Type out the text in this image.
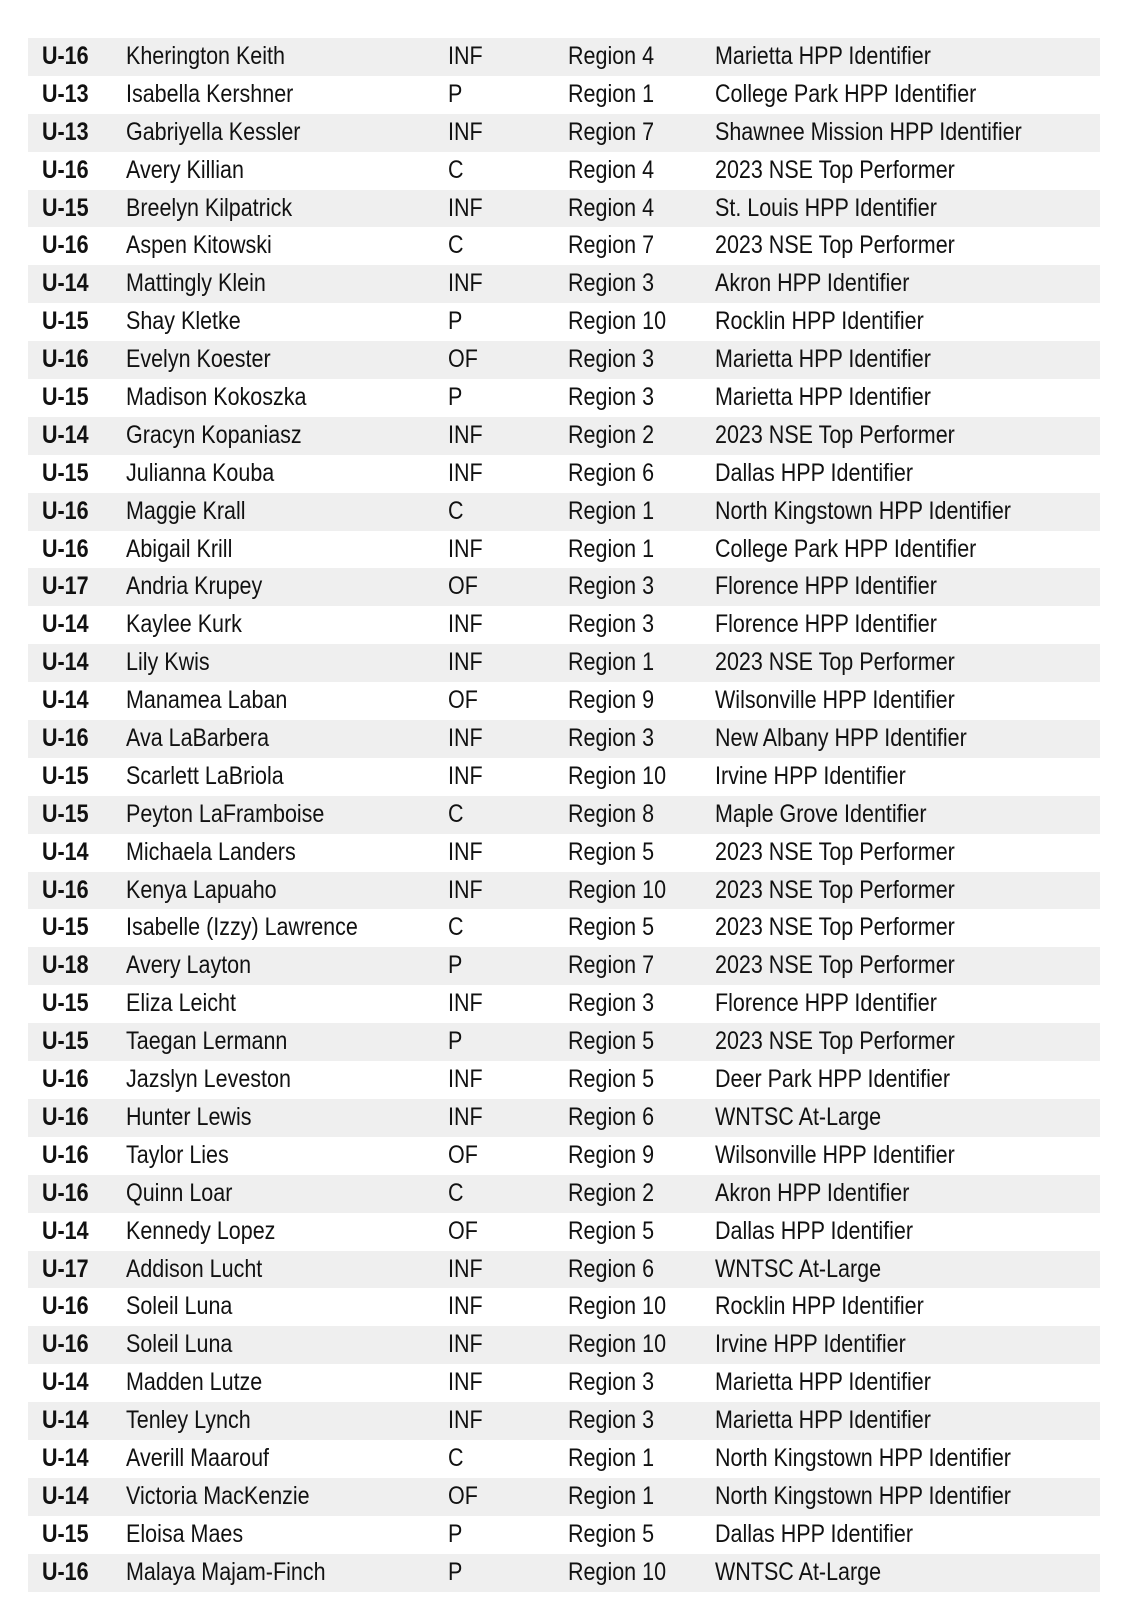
U-16 Kherington Keith	INF	Region 4 Marietta HPP Identifier
U-13 Isabella Kershner	P	Region 1 College Park HPP Identifier
U-13 Gabriyella Kessler	INF	Region 7 Shawnee Mission HPP Identifier
U-16 Avery Killian	C	Region 4 2023 NSE Top Performer
U-15 Breelyn Kilpatrick	INF	Region 4 St. Louis HPP Identifier
U-16 Aspen Kitowski	C	Region 7 2023 NSE Top Performer
U-14 Mattingly Klein	INF	Region 3 Akron HPP Identifier
U-15 Shay Kletke	P	Region 10 Rocklin HPP Identifier
U-16 Evelyn Koester	OF	Region 3 Marietta HPP Identifier
U-15 Madison Kokoszka	P	Region 3 Marietta HPP Identifier
U-14 Gracyn Kopaniasz	INF	Region 2 2023 NSE Top Performer
U-15 Julianna Kouba	INF	Region 6 Dallas HPP Identifier
U-16 Maggie Krall	C	Region 1 North Kingstown HPP Identifier
U-16 Abigail Krill	INF	Region 1 College Park HPP Identifier
U-17 Andria Krupey	OF	Region 3 Florence HPP Identifier
U-14 Kaylee Kurk	INF	Region 3 Florence HPP Identifier
U-14 Lily Kwis	INF	Region 1 2023 NSE Top Performer
U-14 Manamea Laban	OF	Region 9 Wilsonville HPP Identifier
U-16 Ava LaBarbera	INF	Region 3 New Albany HPP Identifier
U-15 Scarlett LaBriola	INF	Region 10 Irvine HPP Identifier
U-15 Peyton LaFramboise	C	Region 8 Maple Grove Identifier
U-14 Michaela Landers	INF	Region 5 2023 NSE Top Performer
U-16 Kenya Lapuaho	INF	Region 10 2023 NSE Top Performer
U-15 Isabelle (Izzy) Lawrence	C	Region 5 2023 NSE Top Performer
U-18 Avery Layton	P	Region 7 2023 NSE Top Performer
U-15 Eliza Leicht	INF	Region 3 Florence HPP Identifier
U-15 Taegan Lermann	P	Region 5 2023 NSE Top Performer
U-16 Jazslyn Leveston	INF	Region 5 Deer Park HPP Identifier
U-16 Hunter Lewis	INF	Region 6 WNTSC At-Large
U-16 Taylor Lies	OF	Region 9 Wilsonville HPP Identifier
U-16 Quinn Loar	C	Region 2 Akron HPP Identifier
U-14 Kennedy Lopez	OF	Region 5 Dallas HPP Identifier
U-17 Addison Lucht	INF	Region 6 WNTSC At-Large
U-16 Soleil Luna	INF	Region 10 Rocklin HPP Identifier
U-16 Soleil Luna	INF	Region 10 Irvine HPP Identifier
U-14 Madden Lutze	INF	Region 3 Marietta HPP Identifier
U-14 Tenley Lynch	INF	Region 3 Marietta HPP Identifier
U-14 Averill Maarouf	C	Region 1 North Kingstown HPP Identifier
U-14 Victoria MacKenzie	OF	Region 1 North Kingstown HPP Identifier
U-15 Eloisa Maes	P	Region 5 Dallas HPP Identifier
U-16 Malaya Majam-Finch	P	Region 10 WNTSC At-Large
